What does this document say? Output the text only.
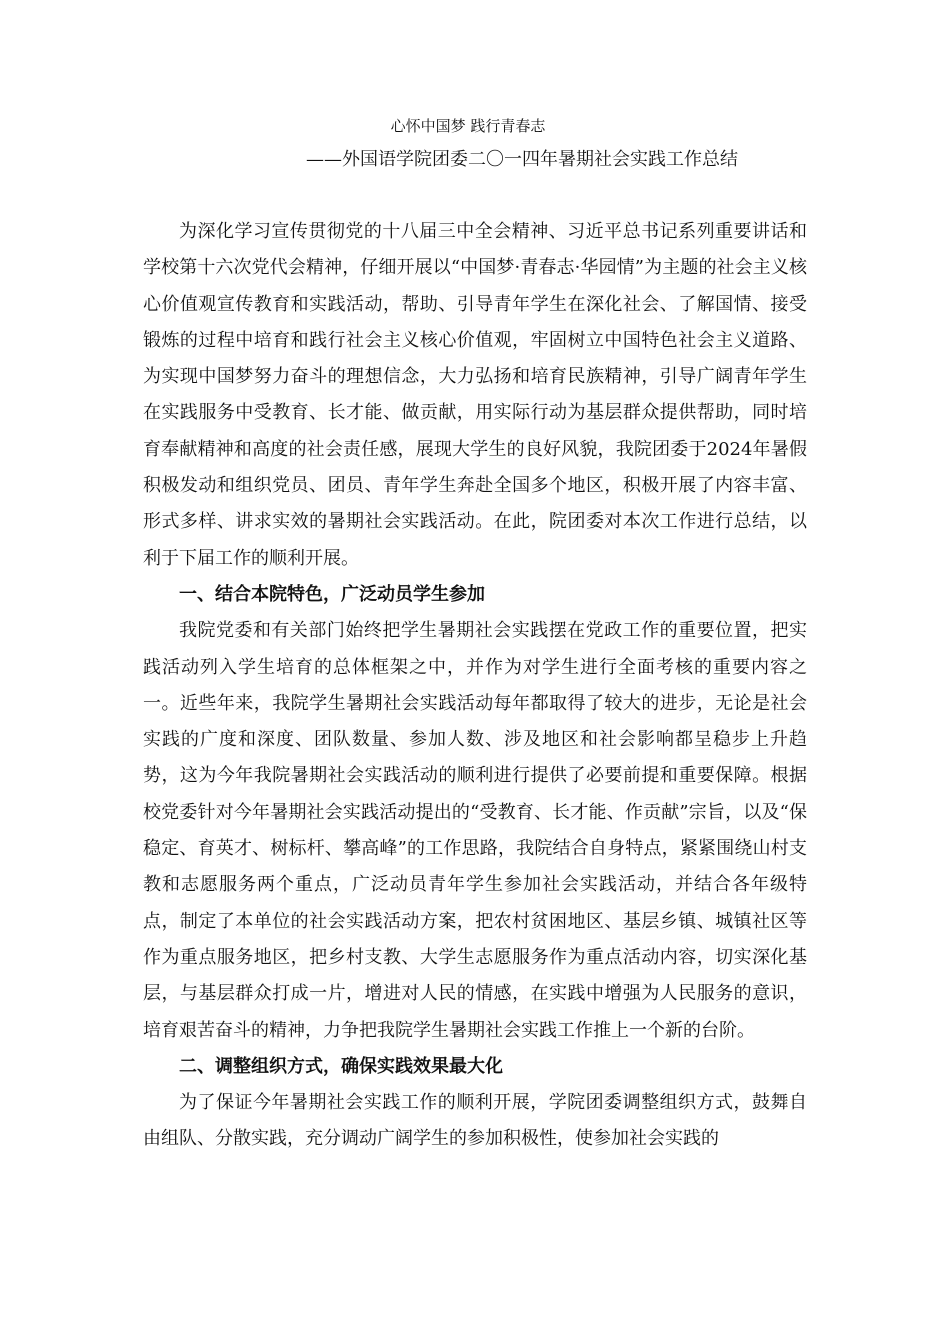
心怀中国梦 践行青春志
——外国语学院团委二〇一四年暑期社会实践工作总结

为深化学习宣传贯彻党的十八届三中全会精神、习近平总书记系列重要讲话和学校第十六次党代会精神，仔细开展以“中国梦·青春志·华园情”为主题的社会主义核心价值观宣传教育和实践活动，帮助、引导青年学生在深化社会、了解国情、接受锻炼的过程中培育和践行社会主义核心价值观，牢固树立中国特色社会主义道路、为实现中国梦努力奋斗的理想信念，大力弘扬和培育民族精神，引导广阔青年学生在实践服务中受教育、长才能、做贡献，用实际行动为基层群众提供帮助，同时培育奉献精神和高度的社会责任感，展现大学生的良好风貌，我院团委于2024年暑假积极发动和组织党员、团员、青年学生奔赴全国多个地区，积极开展了内容丰富、形式多样、讲求实效的暑期社会实践活动。在此，院团委对本次工作进行总结，以利于下届工作的顺利开展。

一、结合本院特色，广泛动员学生参加

我院党委和有关部门始终把学生暑期社会实践摆在党政工作的重要位置，把实践活动列入学生培育的总体框架之中，并作为对学生进行全面考核的重要内容之一。近些年来，我院学生暑期社会实践活动每年都取得了较大的进步，无论是社会实践的广度和深度、团队数量、参加人数、涉及地区和社会影响都呈稳步上升趋势，这为今年我院暑期社会实践活动的顺利进行提供了必要前提和重要保障。根据校党委针对今年暑期社会实践活动提出的“受教育、长才能、作贡献”宗旨，以及“保稳定、育英才、树标杆、攀高峰”的工作思路，我院结合自身特点，紧紧围绕山村支教和志愿服务两个重点，广泛动员青年学生参加社会实践活动，并结合各年级特点，制定了本单位的社会实践活动方案，把农村贫困地区、基层乡镇、城镇社区等作为重点服务地区，把乡村支教、大学生志愿服务作为重点活动内容，切实深化基层，与基层群众打成一片，增进对人民的情感，在实践中增强为人民服务的意识，培育艰苦奋斗的精神，力争把我院学生暑期社会实践工作推上一个新的台阶。

二、调整组织方式，确保实践效果最大化

为了保证今年暑期社会实践工作的顺利开展，学院团委调整组织方式，鼓舞自由组队、分散实践，充分调动广阔学生的参加积极性，使参加社会实践的
